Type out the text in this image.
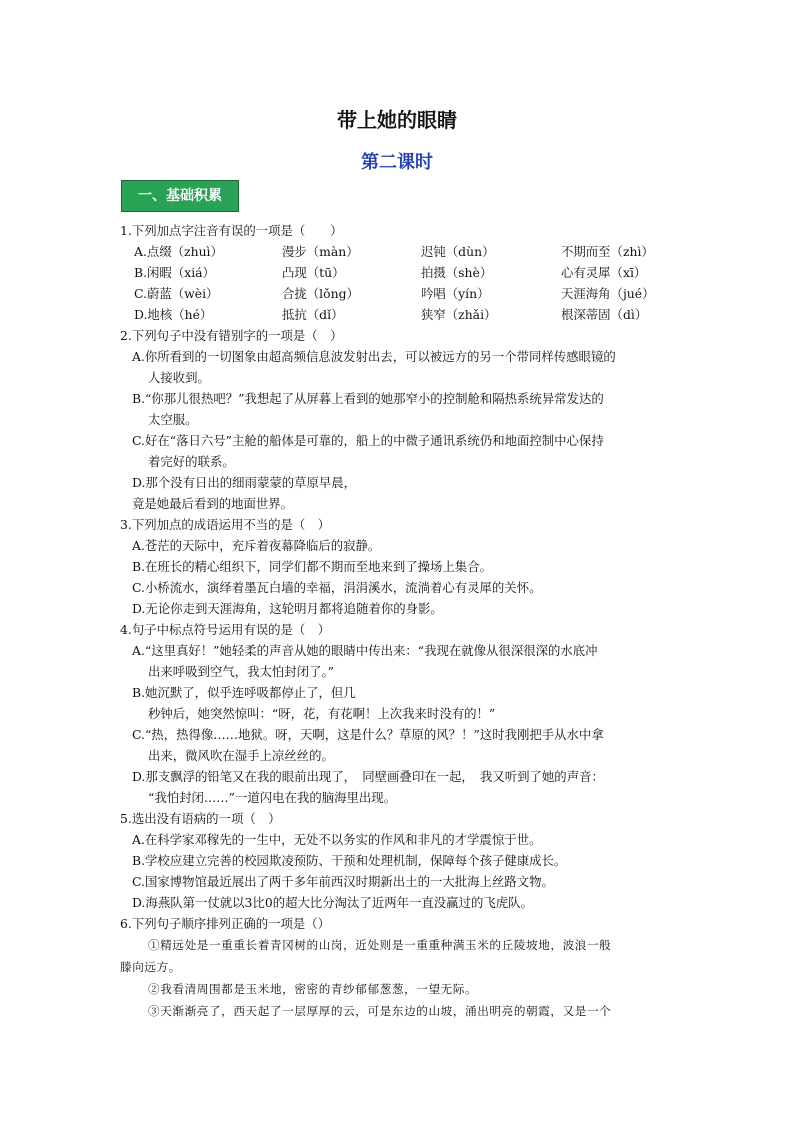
带上她的眼睛
第二课时
一、基础积累
1.下列加点字注音有误的一项是（　　）
A.点缀（zhuì）	漫步（màn）	迟钝（dùn）	不期而至（zhì）
B.闲暇（xiá）	凸现（tū）	拍摄（shè）	心有灵犀（xī）
C.蔚蓝（wèi）	合拢（lǒng）	吟唱（yín）	天涯海角（jué）
D.地核（hé）	抵抗（dǐ）	狭窄（zhǎi）	根深蒂固（dì）
2.下列句子中没有错别字的一项是（　）
A.你所看到的一切图象由超高频信息波发射出去，可以被远方的另一个带同样传感眼镜的
人接收到。
B.“你那儿很热吧？”我想起了从屏暮上看到的她那窄小的控制舱和隔热系统异常发达的
太空服。
C.好在“落日六号”主舱的船体是可靠的，船上的中微子通讯系统仍和地面控制中心保持
着完好的联系。
D.那个没有日出的细雨蒙蒙的草原早晨，
竟是她最后看到的地面世界。
3.下列加点的成语运用不当的是（　）
A.苍茫的天际中，充斥着夜幕降临后的寂静。
B.在班长的精心组织下，同学们都不期而至地来到了操场上集合。
C.小桥流水，演绎着墨瓦白墙的幸福，涓涓溪水，流淌着心有灵犀的关怀。
D.无论你走到天涯海角，这轮明月都将追随着你的身影。
4.句子中标点符号运用有误的是（　）
A.“这里真好！”她轻柔的声音从她的眼睛中传出来：“我现在就像从很深很深的水底冲
出来呼吸到空气，我太怕封闭了。”
B.她沉默了，似乎连呼吸都停止了，但几
秒钟后，她突然惊叫：“呀，花，有花啊！上次我来时没有的！”
C.“热，热得像……地狱。呀，天啊，这是什么？草原的风？！”这时我刚把手从水中拿
出来，微风吹在湿手上凉丝丝的。
D.那支飘浮的铅笔又在我的眼前出现了，　同壁画叠印在一起，　我又听到了她的声音：
“我怕封闭……”一道闪电在我的脑海里出现。
5.选出没有语病的一项（　）
A.在科学家邓稼先的一生中，无处不以务实的作风和非凡的才学震惊于世。
B.学校应建立完善的校园欺凌预防、干预和处理机制，保障每个孩子健康成长。
C.国家博物馆最近展出了两千多年前西汉时期新出土的一大批海上丝路文物。
D.海燕队第一仗就以3比0的超大比分淘汰了近两年一直没赢过的飞虎队。
6.下列句子顺序排列正确的一项是（）
①精远处是一重重长着青冈树的山岗，近处则是一重重种满玉米的丘陵坡地，波浪一般
滕向远方。
②我看清周围都是玉米地，密密的青纱郁郁葱葱，一望无际。
③天渐渐亮了，西天起了一层厚厚的云，可是东边的山坡，涌出明亮的朝霞，又是一个
